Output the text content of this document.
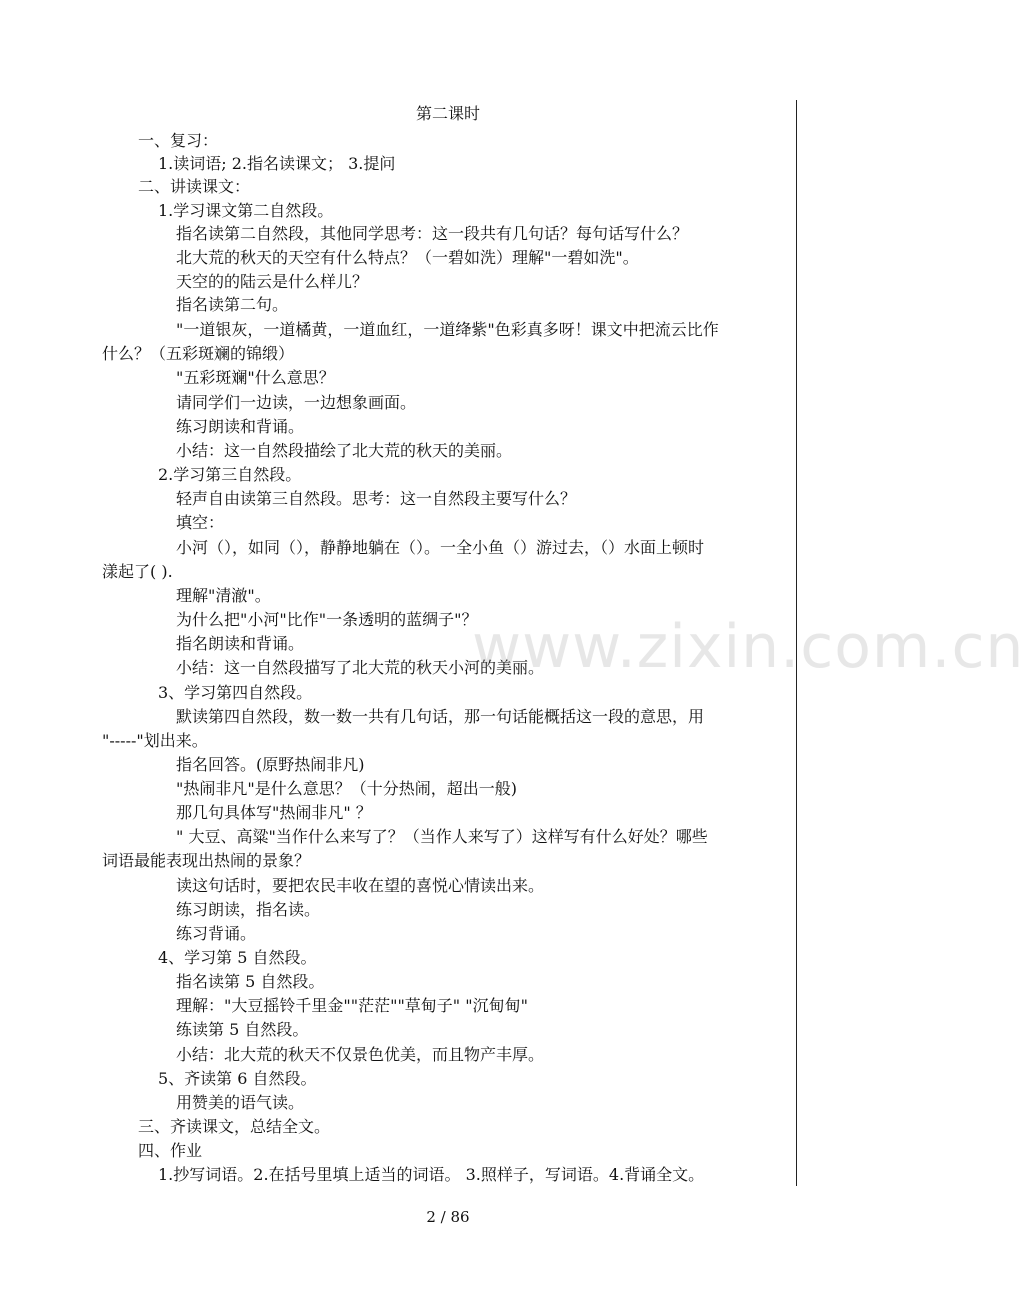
第二课时
一、复习：
1.读词语; 2.指名读课文； 3.提问
二、讲读课文：
1.学习课文第二自然段。
指名读第二自然段，其他同学思考：这一段共有几句话？每句话写什么？
北大荒的秋天的天空有什么特点？（一碧如洗）理解"一碧如洗"。
天空的的陆云是什么样儿？
指名读第二句。
"一道银灰，一道橘黄，一道血红，一道绛紫"色彩真多呀！课文中把流云比作
什么？（五彩斑斓的锦缎）
"五彩斑斓"什么意思？
请同学们一边读，一边想象画面。
练习朗读和背诵。
小结：这一自然段描绘了北大荒的秋天的美丽。
2.学习第三自然段。
轻声自由读第三自然段。思考：这一自然段主要写什么？
填空：
小河（），如同（），静静地躺在（）。一全小鱼（）游过去，（）水面上顿时
漾起了( ).
理解"清澈"。
为什么把"小河"比作"一条透明的蓝绸子"？
指名朗读和背诵。
小结：这一自然段描写了北大荒的秋天小河的美丽。
3、学习第四自然段。
默读第四自然段，数一数一共有几句话，那一句话能概括这一段的意思，用
"-----"划出来。
指名回答。(原野热闹非凡)
"热闹非凡"是什么意思？（十分热闹，超出一般)
那几句具体写"热闹非凡" ？
" 大豆、高粱"当作什么来写了？（当作人来写了）这样写有什么好处？哪些
词语最能表现出热闹的景象？
读这句话时，要把农民丰收在望的喜悦心情读出来。
练习朗读，指名读。
练习背诵。
4、学习第 5 自然段。
指名读第 5 自然段。
理解："大豆摇铃千里金""茫茫""草甸子" "沉甸甸"
练读第 5 自然段。
小结：北大荒的秋天不仅景色优美，而且物产丰厚。
5、齐读第 6 自然段。
用赞美的语气读。
三、齐读课文，总结全文。
四、作业
1.抄写词语。2.在括号里填上适当的词语。 3.照样子，写词语。4.背诵全文。
www.zixin.com.cn
2 / 86
